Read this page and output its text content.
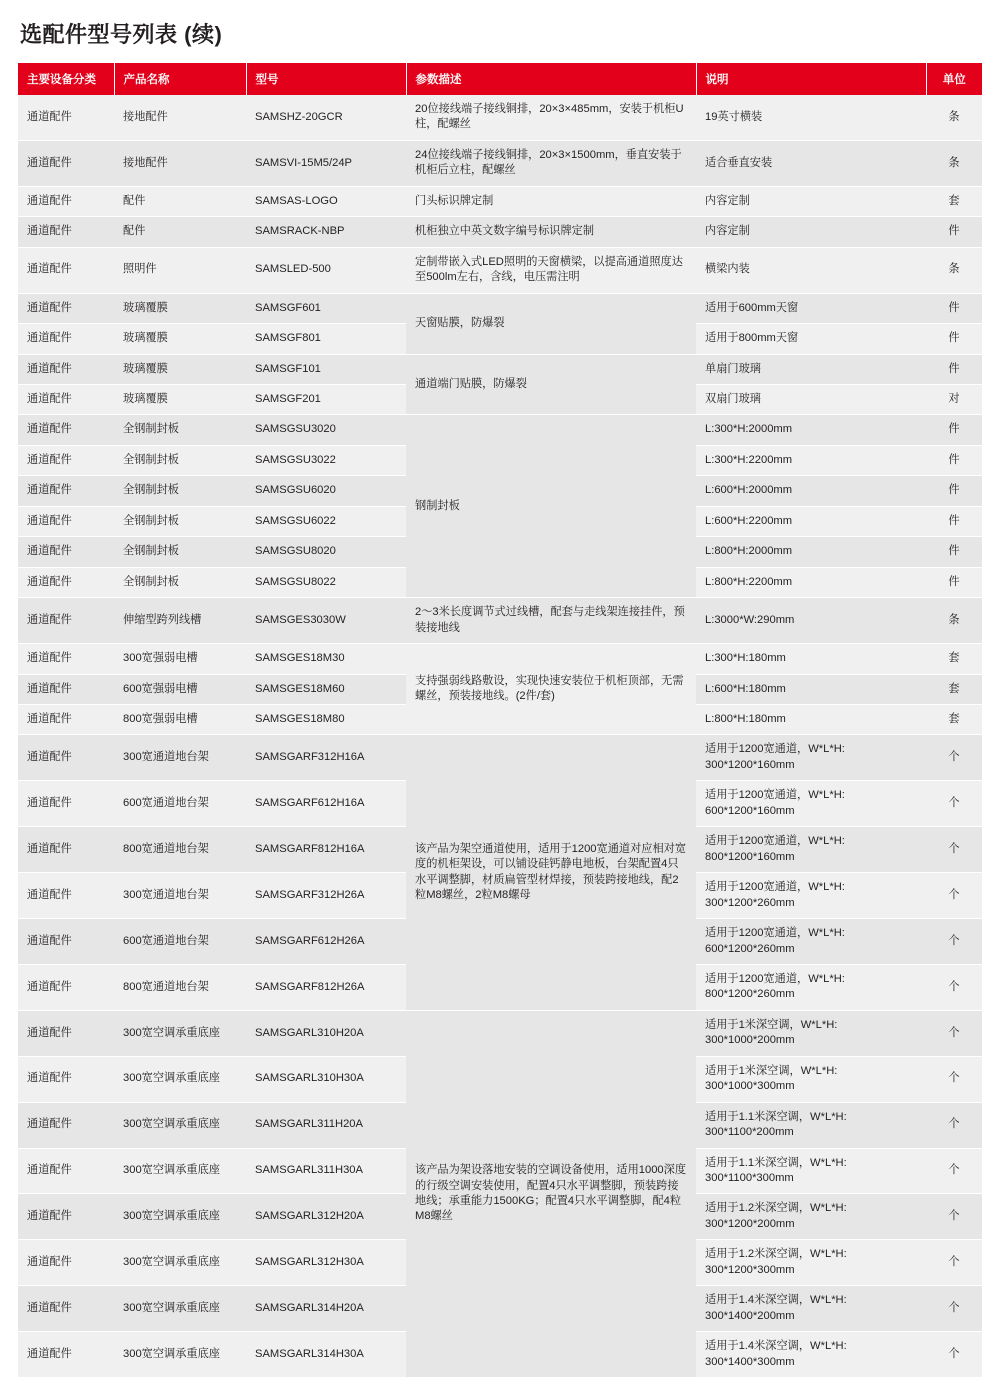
选配件型号列表 (续)
主要设备分类	产品名称	型号	参数描述	说明	单位
通道配件	接地配件	SAMSHZ-20GCR	20位接线端子接线铜排，20×3×485mm，安装于机柜U柱，配螺丝	19英寸横装	条
通道配件	接地配件	SAMSVI-15M5/24P	24位接线端子接线铜排，20×3×1500mm，垂直安装于机柜后立柱，配螺丝	适合垂直安装	条
通道配件	配件	SAMSAS-LOGO	门头标识牌定制	内容定制	套
通道配件	配件	SAMSRACK-NBP	机柜独立中英文数字编号标识牌定制	内容定制	件
通道配件	照明件	SAMSLED-500	定制带嵌入式LED照明的天窗横梁，以提高通道照度达至500lm左右，含线，电压需注明	横梁内装	条
通道配件	玻璃覆膜	SAMSGF601	天窗贴膜，防爆裂	适用于600mm天窗	件
通道配件	玻璃覆膜	SAMSGF801		适用于800mm天窗	件
通道配件	玻璃覆膜	SAMSGF101	通道端门贴膜，防爆裂	单扇门玻璃	件
通道配件	玻璃覆膜	SAMSGF201		双扇门玻璃	对
通道配件	全钢制封板	SAMSGSU3020	钢制封板	L:300*H:2000mm	件
通道配件	全钢制封板	SAMSGSU3022		L:300*H:2200mm	件
通道配件	全钢制封板	SAMSGSU6020		L:600*H:2000mm	件
通道配件	全钢制封板	SAMSGSU6022		L:600*H:2200mm	件
通道配件	全钢制封板	SAMSGSU8020		L:800*H:2000mm	件
通道配件	全钢制封板	SAMSGSU8022		L:800*H:2200mm	件
通道配件	伸缩型跨列线槽	SAMSGES3030W	2～3米长度调节式过线槽，配套与走线架连接挂件，预装接地线	L:3000*W:290mm	条
通道配件	300宽强弱电槽	SAMSGES18M30	支持强弱线路敷设，实现快速安装位于机柜顶部，无需螺丝，预装接地线。(2件/套)	L:300*H:180mm	套
通道配件	600宽强弱电槽	SAMSGES18M60		L:600*H:180mm	套
通道配件	800宽强弱电槽	SAMSGES18M80		L:800*H:180mm	套
通道配件	300宽通道地台架	SAMSGARF312H16A	该产品为架空通道使用，适用于1200宽通道对应相对宽度的机柜架设，可以铺设硅钙静电地板，台架配置4只水平调整脚，材质扁管型材焊接，预装跨接地线，配2粒M8螺丝，2粒M8螺母	适用于1200宽通道，W*L*H: 300*1200*160mm	个
通道配件	600宽通道地台架	SAMSGARF612H16A		适用于1200宽通道，W*L*H: 600*1200*160mm	个
通道配件	800宽通道地台架	SAMSGARF812H16A		适用于1200宽通道，W*L*H: 800*1200*160mm	个
通道配件	300宽通道地台架	SAMSGARF312H26A		适用于1200宽通道，W*L*H: 300*1200*260mm	个
通道配件	600宽通道地台架	SAMSGARF612H26A		适用于1200宽通道，W*L*H: 600*1200*260mm	个
通道配件	800宽通道地台架	SAMSGARF812H26A		适用于1200宽通道，W*L*H: 800*1200*260mm	个
通道配件	300宽空调承重底座	SAMSGARL310H20A	该产品为架设落地安装的空调设备使用，适用1000深度的行级空调安装使用，配置4只水平调整脚，预装跨接地线；承重能力1500KG；配置4只水平调整脚，配4粒M8螺丝	适用于1米深空调，W*L*H: 300*1000*200mm	个
通道配件	300宽空调承重底座	SAMSGARL310H30A		适用于1米深空调，W*L*H: 300*1000*300mm	个
通道配件	300宽空调承重底座	SAMSGARL311H20A		适用于1.1米深空调，W*L*H: 300*1100*200mm	个
通道配件	300宽空调承重底座	SAMSGARL311H30A		适用于1.1米深空调，W*L*H: 300*1100*300mm	个
通道配件	300宽空调承重底座	SAMSGARL312H20A		适用于1.2米深空调，W*L*H: 300*1200*200mm	个
通道配件	300宽空调承重底座	SAMSGARL312H30A		适用于1.2米深空调，W*L*H: 300*1200*300mm	个
通道配件	300宽空调承重底座	SAMSGARL314H20A		适用于1.4米深空调，W*L*H: 300*1400*200mm	个
通道配件	300宽空调承重底座	SAMSGARL314H30A		适用于1.4米深空调，W*L*H: 300*1400*300mm	个
